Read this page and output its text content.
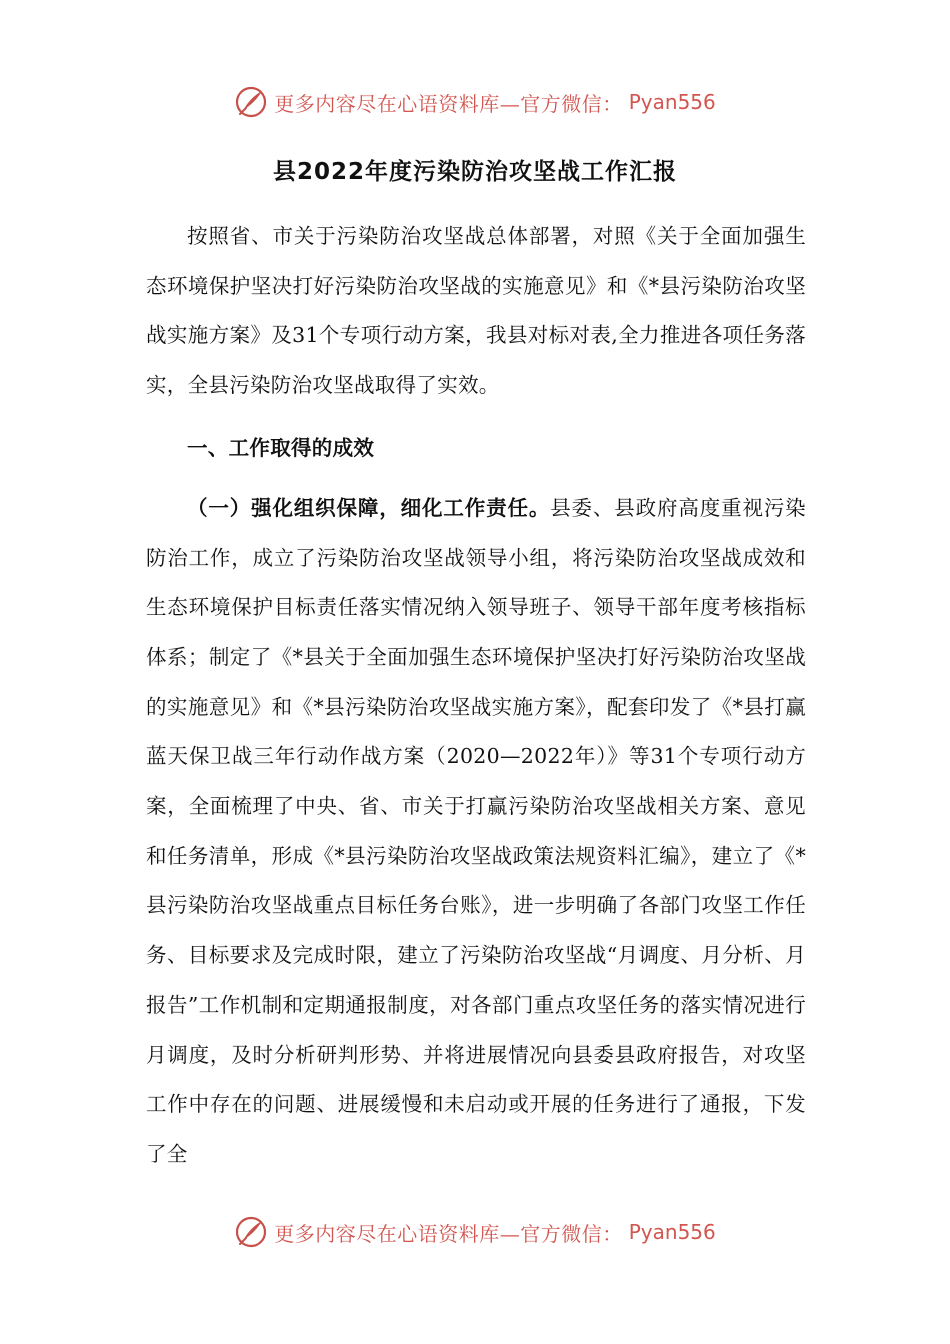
更多内容尽在心语资料库—官方微信： Pyan556
县2022年度污染防治攻坚战工作汇报

按照省、市关于污染防治攻坚战总体部署，对照《关于全面加强生态环境保护坚决打好污染防治攻坚战的实施意见》和《*县污染防治攻坚战实施方案》及31个专项行动方案，我县对标对表,全力推进各项任务落实，全县污染防治攻坚战取得了实效。

一、工作取得的成效

（一）强化组织保障，细化工作责任。县委、县政府高度重视污染防治工作，成立了污染防治攻坚战领导小组，将污染防治攻坚战成效和生态环境保护目标责任落实情况纳入领导班子、领导干部年度考核指标体系；制定了《*县关于全面加强生态环境保护坚决打好污染防治攻坚战的实施意见》和《*县污染防治攻坚战实施方案》，配套印发了《*县打赢蓝天保卫战三年行动作战方案（2020—2022年）》等31个专项行动方案，全面梳理了中央、省、市关于打赢污染防治攻坚战相关方案、意见和任务清单，形成《*县污染防治攻坚战政策法规资料汇编》，建立了《*县污染防治攻坚战重点目标任务台账》，进一步明确了各部门攻坚工作任务、目标要求及完成时限，建立了污染防治攻坚战“月调度、月分析、月报告”工作机制和定期通报制度，对各部门重点攻坚任务的落实情况进行月调度，及时分析研判形势、并将进展情况向县委县政府报告，对攻坚工作中存在的问题、进展缓慢和未启动或开展的任务进行了通报，下发了全

更多内容尽在心语资料库—官方微信： Pyan556
